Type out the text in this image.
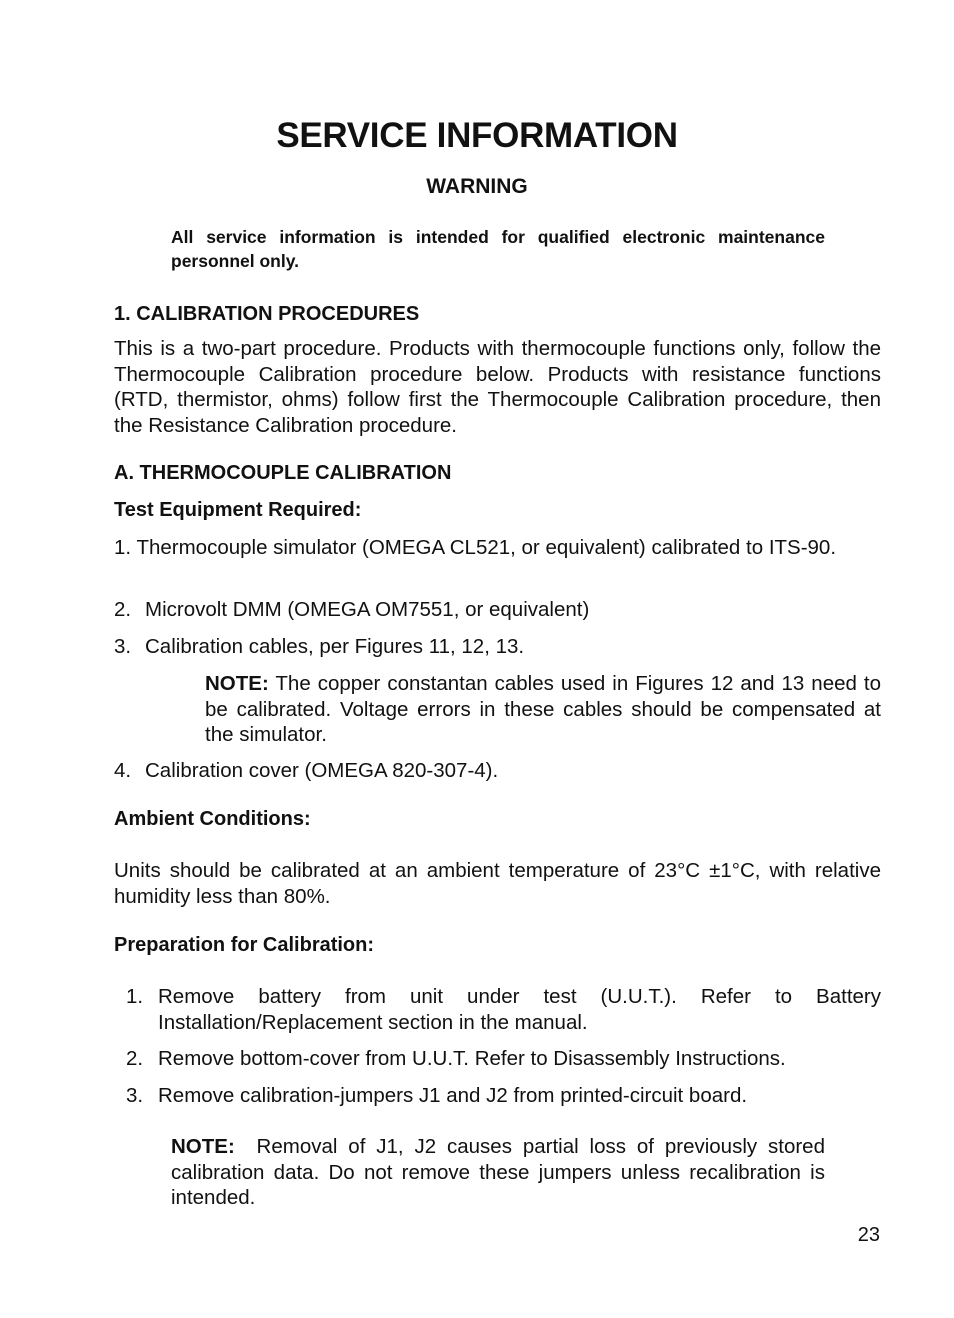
SERVICE INFORMATION
WARNING

All service information is intended for qualified electronic maintenance personnel only.

1. CALIBRATION PROCEDURES

This is a two-part procedure. Products with thermocouple functions only, follow the Thermocouple Calibration procedure below. Products with resistance functions (RTD, thermistor, ohms) follow first the Thermocouple Calibration procedure, then the Resistance Calibration procedure.

A. THERMOCOUPLE CALIBRATION
Test Equipment Required:

1. Thermocouple simulator (OMEGA CL521, or equivalent) calibrated to ITS-90.

2. Microvolt DMM (OMEGA OM7551, or equivalent)

3. Calibration cables, per Figures 11, 12, 13.

NOTE: The copper constantan cables used in Figures 12 and 13 need to be calibrated. Voltage errors in these cables should be compensated at the simulator.

4. Calibration cover (OMEGA 820-307-4).

Ambient Conditions:

Units should be calibrated at an ambient temperature of 23°C ±1°C, with relative humidity less than 80%.

Preparation for Calibration:
1. Remove battery from unit under test (U.U.T.). Refer to Battery Installation/Replacement section in the manual.
2. Remove bottom-cover from U.U.T. Refer to Disassembly Instructions.
3. Remove calibration-jumpers J1 and J2 from printed-circuit board.

NOTE: Removal of J1, J2 causes partial loss of previously stored calibration data. Do not remove these jumpers unless recalibration is intended.

23
